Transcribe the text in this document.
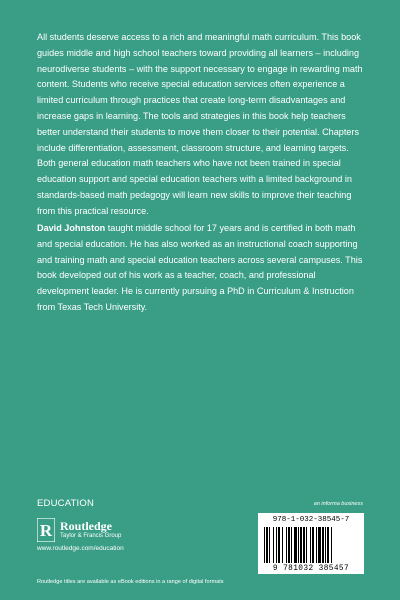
All students deserve access to a rich and meaningful math curriculum. This book guides middle and high school teachers toward providing all learners – including neurodiverse students – with the support necessary to engage in rewarding math content. Students who receive special education services often experience a limited curriculum through practices that create long-term disadvantages and increase gaps in learning. The tools and strategies in this book help teachers better understand their students to move them closer to their potential. Chapters include differentiation, assessment, classroom structure, and learning targets. Both general education math teachers who have not been trained in special education support and special education teachers with a limited background in standards-based math pedagogy will learn new skills to improve their teaching from this practical resource.

David Johnston taught middle school for 17 years and is certified in both math and special education. He has also worked as an instructional coach supporting and training math and special education teachers across several campuses. This book developed out of his work as a teacher, coach, and professional development leader. He is currently pursuing a PhD in Curriculum & Instruction from Texas Tech University.

EDUCATION	an informa business
R Routledge
Taylor & Francis Group
www.routledge.com/education
Routledge titles are available as eBook editions in a range of digital formats
978-1-032-38545-7
9 781032 385457
